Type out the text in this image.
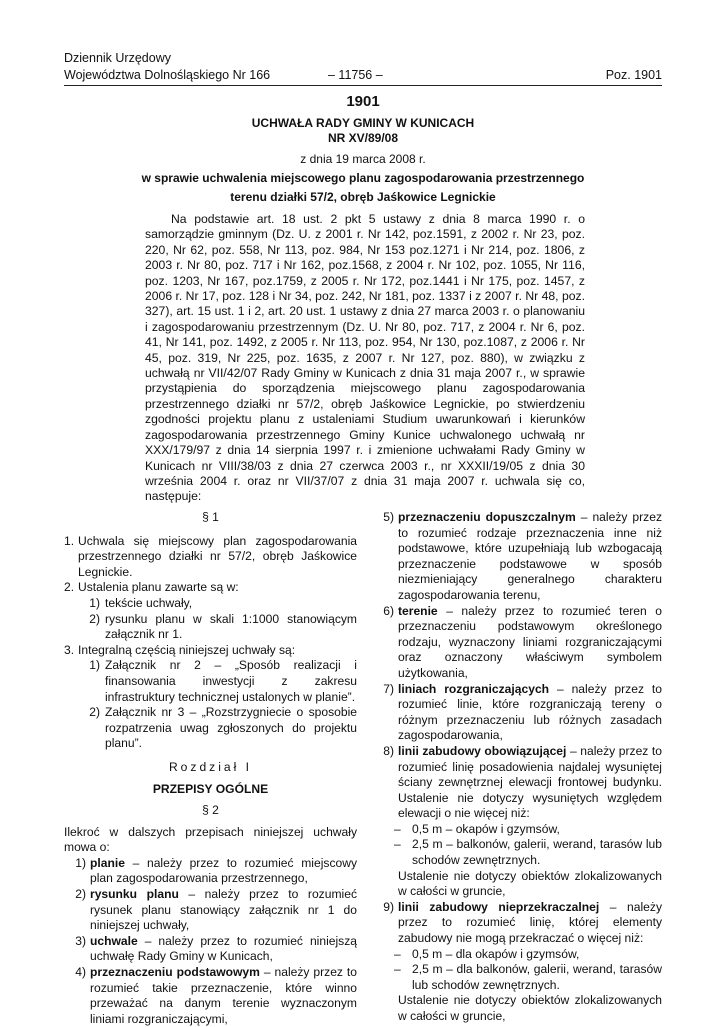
Dziennik Urzędowy
Województwa Dolnośląskiego Nr 166	– 11756 –	Poz. 1901
1901
UCHWAŁA RADY GMINY W KUNICACH
NR XV/89/08
z dnia 19 marca 2008 r.
w sprawie uchwalenia miejscowego planu zagospodarowania przestrzennego
terenu działki 57/2, obręb Jaśkowice Legnickie
Na podstawie art. 18 ust. 2 pkt 5 ustawy z dnia 8 marca 1990 r. o samorządzie gminnym (Dz. U. z 2001 r. Nr 142, poz.1591, z 2002 r. Nr 23, poz. 220, Nr 62, poz. 558, Nr 113, poz. 984, Nr 153 poz.1271 i Nr 214, poz. 1806, z 2003 r. Nr 80, poz. 717 i Nr 162, poz.1568, z 2004 r. Nr 102, poz. 1055, Nr 116, poz. 1203, Nr 167, poz.1759, z 2005 r. Nr 172, poz.1441 i Nr 175, poz. 1457, z 2006 r. Nr 17, poz. 128 i Nr 34, poz. 242, Nr 181, poz. 1337 i z 2007 r. Nr 48, poz. 327), art. 15 ust. 1 i 2, art. 20 ust. 1 ustawy z dnia 27 marca 2003 r. o planowaniu i zagospodarowaniu przestrzennym (Dz. U. Nr 80, poz. 717, z 2004 r. Nr 6, poz. 41, Nr 141, poz. 1492, z 2005 r. Nr 113, poz. 954, Nr 130, poz.1087, z 2006 r. Nr 45, poz. 319, Nr 225, poz. 1635, z 2007 r. Nr 127, poz. 880), w związku z uchwałą nr VII/42/07 Rady Gminy w Kunicach z dnia 31 maja 2007 r., w sprawie przystąpienia do sporządzenia miejscowego planu zagospodarowania przestrzennego działki nr 57/2, obręb Jaśkowice Legnickie, po stwierdzeniu zgodności projektu planu z ustaleniami Studium uwarunkowań i kierunków zagospodarowania przestrzennego Gminy Kunice uchwalonego uchwałą nr XXX/179/97 z dnia 14 sierpnia 1997 r. i zmienione uchwałami Rady Gminy w Kunicach nr VIII/38/03 z dnia 27 czerwca 2003 r., nr XXXII/19/05 z dnia 30 września 2004 r. oraz nr VII/37/07 z dnia 31 maja 2007 r. uchwala się co, następuje:
§ 1
1. Uchwala się miejscowy plan zagospodarowania przestrzennego działki nr 57/2, obręb Jaśkowice Legnickie.
2. Ustalenia planu zawarte są w:
1) tekście uchwały,
2) rysunku planu w skali 1:1000 stanowiącym załącznik nr 1.
3. Integralną częścią niniejszej uchwały są:
1) Załącznik nr 2 – „Sposób realizacji i finansowania inwestycji z zakresu infrastruktury technicznej ustalonych w planie”.
2) Załącznik nr 3 – „Rozstrzygniecie o sposobie rozpatrzenia uwag zgłoszonych do projektu planu”.
Rozdział I
PRZEPISY OGÓLNE
§ 2
Ilekroć w dalszych przepisach niniejszej uchwały mowa o:
1) planie – należy przez to rozumieć miejscowy plan zagospodarowania przestrzennego,
2) rysunku planu – należy przez to rozumieć rysunek planu stanowiący załącznik nr 1 do niniejszej uchwały,
3) uchwale – należy przez to rozumieć niniejszą uchwałę Rady Gminy w Kunicach,
4) przeznaczeniu podstawowym – należy przez to rozumieć takie przeznaczenie, które winno przeważać na danym terenie wyznaczonym liniami rozgraniczającymi,
5) przeznaczeniu dopuszczalnym – należy przez to rozumieć rodzaje przeznaczenia inne niż podstawowe, które uzupełniają lub wzbogacają przeznaczenie podstawowe w sposób niezmieniający generalnego charakteru zagospodarowania terenu,
6) terenie – należy przez to rozumieć teren o przeznaczeniu podstawowym określonego rodzaju, wyznaczony liniami rozgraniczającymi oraz oznaczony właściwym symbolem użytkowania,
7) liniach rozgraniczających – należy przez to rozumieć linie, które rozgraniczają tereny o różnym przeznaczeniu lub różnych zasadach zagospodarowania,
8) linii zabudowy obowiązującej – należy przez to rozumieć linię posadowienia najdalej wysuniętej ściany zewnętrznej elewacji frontowej budynku. Ustalenie nie dotyczy wysuniętych względem elewacji o nie więcej niż:
– 0,5 m – okapów i gzymsów,
– 2,5 m – balkonów, galerii, werand, tarasów lub schodów zewnętrznych.
Ustalenie nie dotyczy obiektów zlokalizowanych w całości w gruncie,
9) linii zabudowy nieprzekraczalnej – należy przez to rozumieć linię, której elementy zabudowy nie mogą przekraczać o więcej niż:
– 0,5 m – dla okapów i gzymsów,
– 2,5 m – dla balkonów, galerii, werand, tarasów lub schodów zewnętrznych.
Ustalenie nie dotyczy obiektów zlokalizowanych w całości w gruncie,
